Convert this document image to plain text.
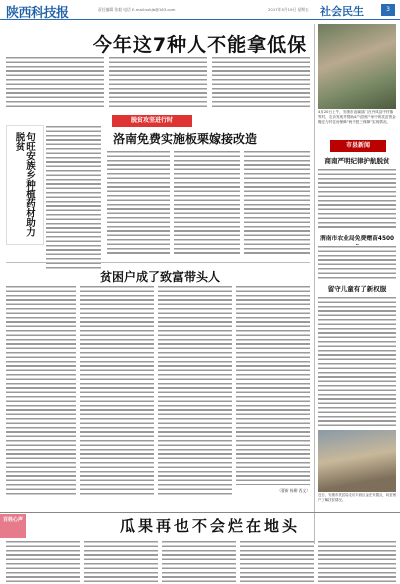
陕西科技报	责任编辑 张毅 电话 E-mail:sxkjb@163.com	2017年5月19日 星期五 社会民生	3
今年这7种人不能拿低保
脱贫攻坚进行时
洛南免费实施板栗嫁接改造
句旺安族乡种植药材助力脱贫
贫困户成了致富带头人
（曹新 杨柳 西文）
4月20日上午，安康市直属部门在丹凤县中村镇等村，走访发现并帮助4户贫困户家中的扶贫资金搬迁与村住房保障“两不愁三保障”实现情况。
市县新闻
商南严明纪律护航脱贫
渭南市农业局免费赠苗4500
留守儿童有了新权服
近日，安康市扶贫局走访丰西区金庄安置点，向贫困户了解扶贫情况。
百姓心声	瓜果再也不会烂在地头
